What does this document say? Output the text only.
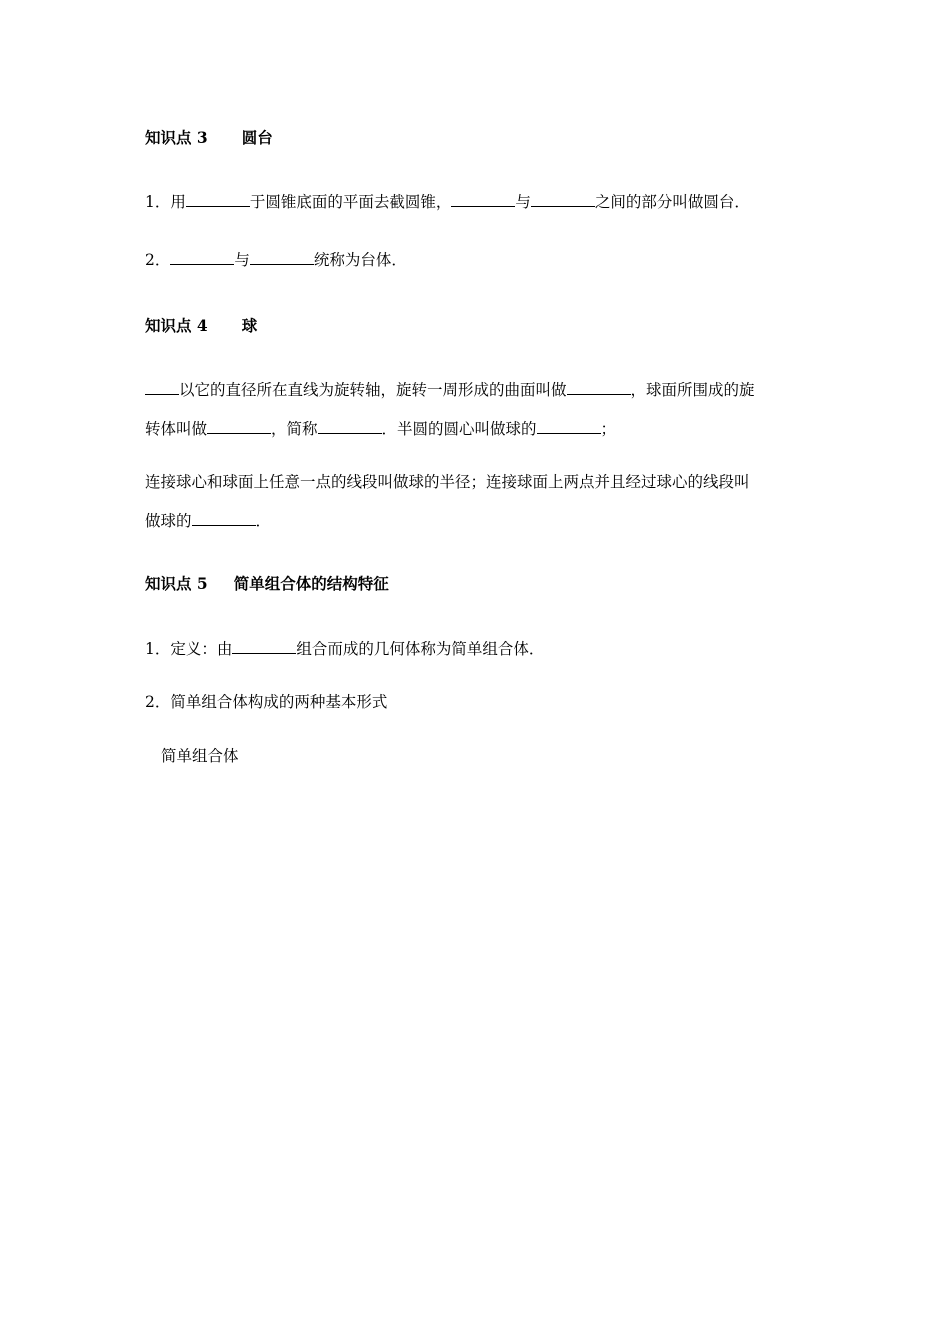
知识点 3 圆台
1．用	于圆锥底面的平面去截圆锥，	与	之间的部分叫做圆台．
2．	与	统称为台体．
知识点 4 球
以它的直径所在直线为旋转轴，旋转一周形成的曲面叫做	，球面所围成的旋
转体叫做	，简称	．半圆的圆心叫做球的	；
连接球心和球面上任意一点的线段叫做球的半径；连接球面上两点并且经过球心的线段叫
做球的	．
知识点 5 简单组合体的结构特征
1．定义：由	组合而成的几何体称为简单组合体．
2．简单组合体构成的两种基本形式
简单组合体
